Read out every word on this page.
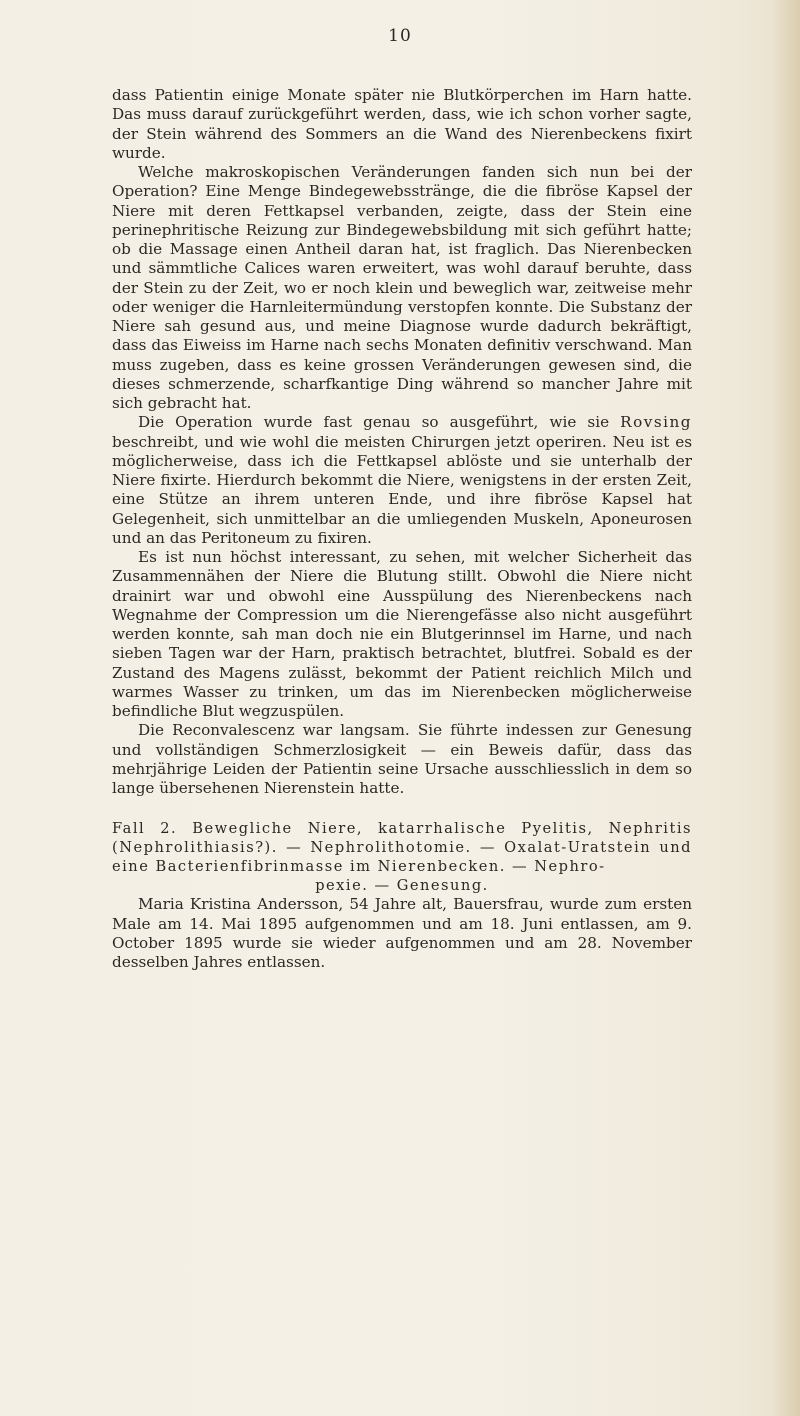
10

dass Patientin einige Monate später nie Blutkörperchen im Harn hatte. Das muss darauf zurückgeführt werden, dass, wie ich schon vorher sagte, der Stein während des Sommers an die Wand des Nierenbeckens fixirt wurde.

Welche makroskopischen Veränderungen fanden sich nun bei der Operation? Eine Menge Bindegewebsstränge, die die fibröse Kapsel der Niere mit deren Fettkapsel verbanden, zeigte, dass der Stein eine perinephritische Reizung zur Bindegewebsbildung mit sich geführt hatte; ob die Massage einen Antheil daran hat, ist fraglich. Das Nierenbecken und sämmtliche Calices waren erweitert, was wohl darauf beruhte, dass der Stein zu der Zeit, wo er noch klein und beweglich war, zeitweise mehr oder weniger die Harnleitermündung verstopfen konnte. Die Substanz der Niere sah gesund aus, und meine Diagnose wurde dadurch bekräftigt, dass das Eiweiss im Harne nach sechs Monaten definitiv verschwand. Man muss zugeben, dass es keine grossen Veränderungen gewesen sind, die dieses schmerzende, scharfkantige Ding während so mancher Jahre mit sich gebracht hat.

Die Operation wurde fast genau so ausgeführt, wie sie Rovsing beschreibt, und wie wohl die meisten Chirurgen jetzt operiren. Neu ist es möglicherweise, dass ich die Fettkapsel ablöste und sie unterhalb der Niere fixirte. Hierdurch bekommt die Niere, wenigstens in der ersten Zeit, eine Stütze an ihrem unteren Ende, und ihre fibröse Kapsel hat Gelegenheit, sich unmittelbar an die umliegenden Muskeln, Aponeurosen und an das Peritoneum zu fixiren.

Es ist nun höchst interessant, zu sehen, mit welcher Sicherheit das Zusammennähen der Niere die Blutung stillt. Obwohl die Niere nicht drainirt war und obwohl eine Ausspülung des Nierenbeckens nach Wegnahme der Compression um die Nierengefässe also nicht ausgeführt werden konnte, sah man doch nie ein Blutgerinnsel im Harne, und nach sieben Tagen war der Harn, praktisch betrachtet, blutfrei. Sobald es der Zustand des Magens zulässt, bekommt der Patient reichlich Milch und warmes Wasser zu trinken, um das im Nierenbecken möglicherweise befindliche Blut wegzuspülen.

Die Reconvalescenz war langsam. Sie führte indessen zur Genesung und vollständigen Schmerzlosigkeit — ein Beweis dafür, dass das mehrjährige Leiden der Patientin seine Ursache ausschliesslich in dem so lange übersehenen Nierenstein hatte.

Fall 2. Bewegliche Niere, katarrhalische Pyelitis, Nephritis (Nephrolithiasis?). — Nephrolithotomie. — Oxalat-Uratstein und eine Bacterienfibrinmasse im Nierenbecken. — Nephro-
pexie. — Genesung.

Maria Kristina Andersson, 54 Jahre alt, Bauersfrau, wurde zum ersten Male am 14. Mai 1895 aufgenommen und am 18. Juni entlassen, am 9. October 1895 wurde sie wieder aufgenommen und am 28. November desselben Jahres entlassen.
